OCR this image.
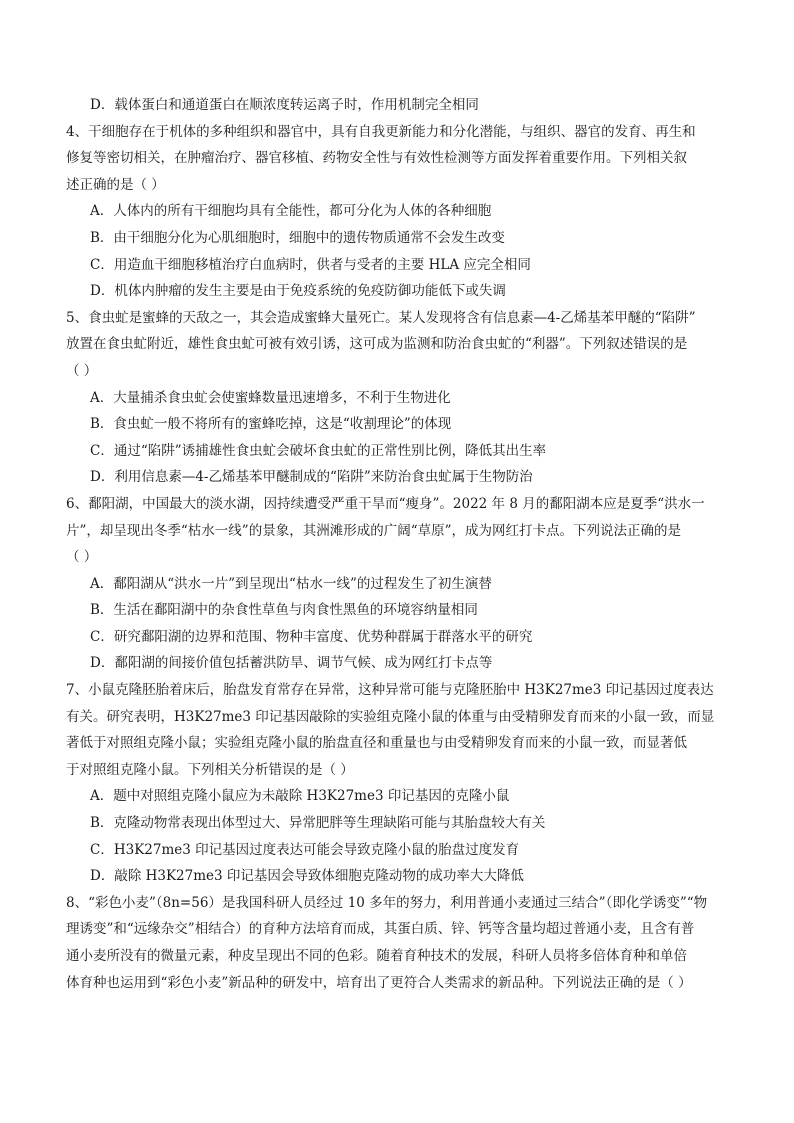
D．载体蛋白和通道蛋白在顺浓度转运离子时，作用机制完全相同
4、干细胞存在于机体的多种组织和器官中，具有自我更新能力和分化潜能，与组织、器官的发育、再生和
修复等密切相关，在肿瘤治疗、器官移植、药物安全性与有效性检测等方面发挥着重要作用。下列相关叙
述正确的是（ ）
A．人体内的所有干细胞均具有全能性，都可分化为人体的各种细胞
B．由干细胞分化为心肌细胞时，细胞中的遗传物质通常不会发生改变
C．用造血干细胞移植治疗白血病时，供者与受者的主要 HLA 应完全相同
D．机体内肿瘤的发生主要是由于免疫系统的免疫防御功能低下或失调
5、食虫虻是蜜蜂的天敌之一，其会造成蜜蜂大量死亡。某人发现将含有信息素—4-乙烯基苯甲醚的“陷阱”
放置在食虫虻附近，雄性食虫虻可被有效引诱，这可成为监测和防治食虫虻的“利器”。下列叙述错误的是
（ ）
A．大量捕杀食虫虻会使蜜蜂数量迅速增多，不利于生物进化
B．食虫虻一般不将所有的蜜蜂吃掉，这是“收割理论”的体现
C．通过“陷阱”诱捕雄性食虫虻会破坏食虫虻的正常性别比例，降低其出生率
D．利用信息素—4-乙烯基苯甲醚制成的“陷阱”来防治食虫虻属于生物防治
6、鄱阳湖，中国最大的淡水湖，因持续遭受严重干旱而“瘦身”。2022 年 8 月的鄱阳湖本应是夏季“洪水一
片”，却呈现出冬季“枯水一线”的景象，其洲滩形成的广阔“草原”，成为网红打卡点。下列说法正确的是
（ ）
A．鄱阳湖从“洪水一片”到呈现出“枯水一线”的过程发生了初生演替
B．生活在鄱阳湖中的杂食性草鱼与肉食性黑鱼的环境容纳量相同
C．研究鄱阳湖的边界和范围、物种丰富度、优势种群属于群落水平的研究
D．鄱阳湖的间接价值包括蓄洪防旱、调节气候、成为网红打卡点等
7、小鼠克隆胚胎着床后，胎盘发育常存在异常，这种异常可能与克隆胚胎中 H3K27me3 印记基因过度表达
有关。研究表明，H3K27me3 印记基因敲除的实验组克隆小鼠的体重与由受精卵发育而来的小鼠一致，而显
著低于对照组克隆小鼠；实验组克隆小鼠的胎盘直径和重量也与由受精卵发育而来的小鼠一致，而显著低
于对照组克隆小鼠。下列相关分析错误的是（ ）
A．题中对照组克隆小鼠应为未敲除 H3K27me3 印记基因的克隆小鼠
B．克隆动物常表现出体型过大、异常肥胖等生理缺陷可能与其胎盘较大有关
C．H3K27me3 印记基因过度表达可能会导致克隆小鼠的胎盘过度发育
D．敲除 H3K27me3 印记基因会导致体细胞克隆动物的成功率大大降低
8、“彩色小麦”（8n=56）是我国科研人员经过 10 多年的努力，利用普通小麦通过三结合”（即化学诱变”“物
理诱变”和“远缘杂交”相结合）的育种方法培育而成，其蛋白质、锌、钙等含量均超过普通小麦，且含有普
通小麦所没有的微量元素，种皮呈现出不同的色彩。随着育种技术的发展，科研人员将多倍体育种和单倍
体育种也运用到“彩色小麦”新品种的研发中，培育出了更符合人类需求的新品种。下列说法正确的是（ ）
